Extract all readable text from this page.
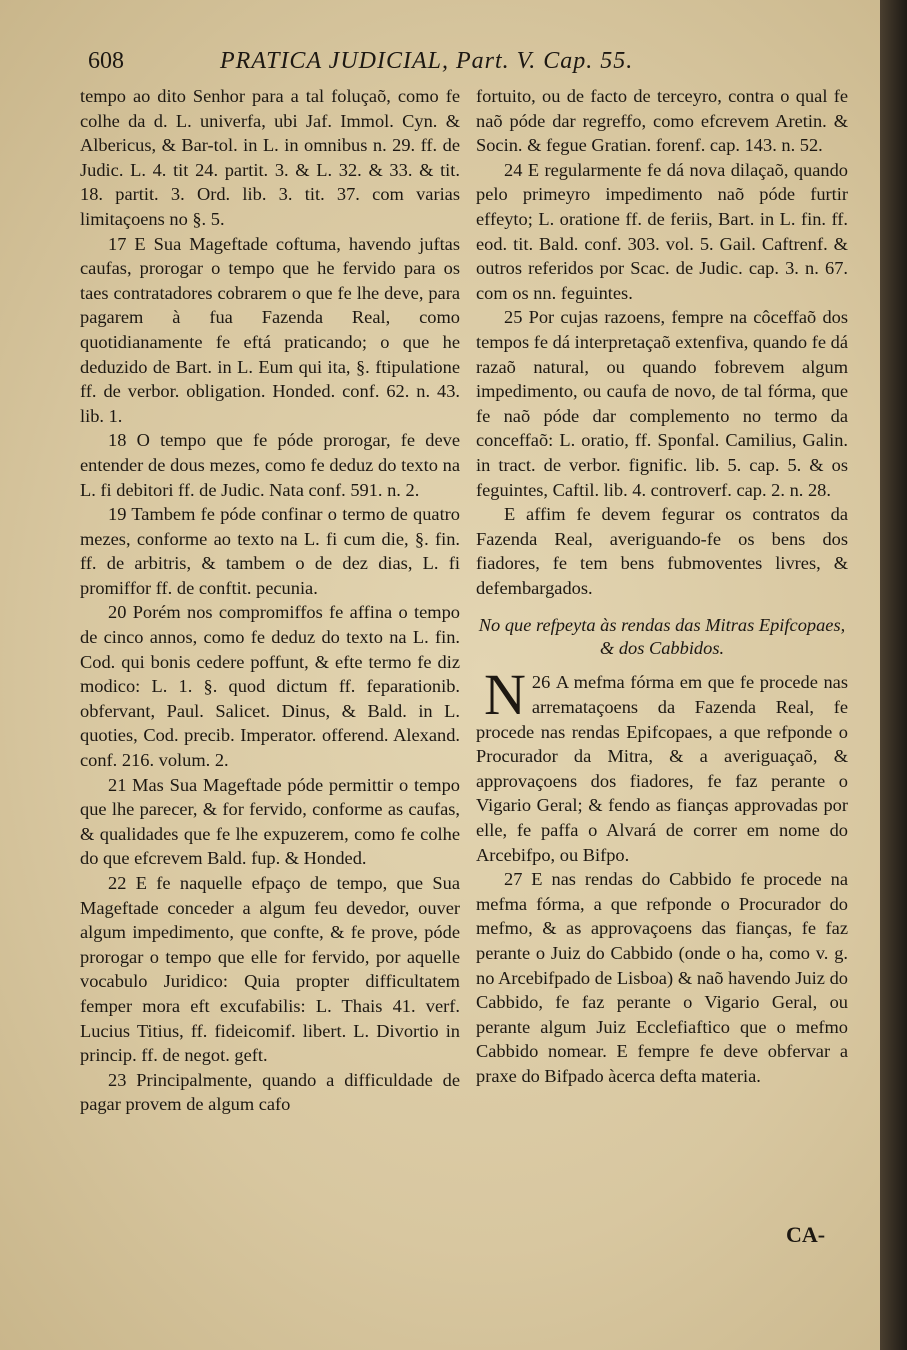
608	PRATICA JUDICIAL, Part. V. Cap. 55.

tempo ao dito Senhor para a tal foluçaõ, como fe colhe da d. L. univerfa, ubi Jaf. Immol. Cyn. & Albericus, & Bar-tol. in L. in omnibus n. 29. ff. de Judic. L. 4. tit 24. partit. 3. & L. 32. & 33. & tit. 18. partit. 3. Ord. lib. 3. tit. 37. com varias limitaçoens no §. 5.

17 E Sua Mageftade coftuma, havendo juftas caufas, prorogar o tempo que he fervido para os taes contratadores cobrarem o que fe lhe deve, para pagarem à fua Fazenda Real, como quotidianamente fe eftá praticando; o que he deduzido de Bart. in L. Eum qui ita, §. ftipulatione ff. de verbor. obligation. Honded. conf. 62. n. 43. lib. 1.

18 O tempo que fe póde prorogar, fe deve entender de dous mezes, como fe deduz do texto na L. fi debitori ff. de Judic. Nata conf. 591. n. 2.

19 Tambem fe póde confinar o termo de quatro mezes, conforme ao texto na L. fi cum die, §. fin. ff. de arbitris, & tambem o de dez dias, L. fi promiffor ff. de conftit. pecunia.

20 Porém nos compromiffos fe affina o tempo de cinco annos, como fe deduz do texto na L. fin. Cod. qui bonis cedere poffunt, & efte termo fe diz modico: L. 1. §. quod dictum ff. feparationib. obfervant, Paul. Salicet. Dinus, & Bald. in L. quoties, Cod. precib. Imperator. offerend. Alexand. conf. 216. volum. 2.

21 Mas Sua Mageftade póde permittir o tempo que lhe parecer, & for fervido, conforme as caufas, & qualidades que fe lhe expuzerem, como fe colhe do que efcrevem Bald. fup. & Honded.

22 E fe naquelle efpaço de tempo, que Sua Mageftade conceder a algum feu devedor, ouver algum impedimento, que confte, & fe prove, póde prorogar o tempo que elle for fervido, por aquelle vocabulo Juridico: Quia propter difficultatem femper mora eft excufabilis: L. Thais 41. verf. Lucius Titius, ff. fideicomif. libert. L. Divortio in princip. ff. de negot. geft.

23 Principalmente, quando a difficuldade de pagar provem de algum cafo

fortuito, ou de facto de terceyro, contra o qual fe naõ póde dar regreffo, como efcrevem Aretin. & Socin. & fegue Gratian. forenf. cap. 143. n. 52.

24 E regularmente fe dá nova dilaçaõ, quando pelo primeyro impedimento naõ póde furtir effeyto; L. oratione ff. de feriis, Bart. in L. fin. ff. eod. tit. Bald. conf. 303. vol. 5. Gail. Caftrenf. & outros referidos por Scac. de Judic. cap. 3. n. 67. com os nn. feguintes.

25 Por cujas razoens, fempre na côceffaõ dos tempos fe dá interpretaçaõ extenfiva, quando fe dá razaõ natural, ou quando fobrevem algum impedimento, ou caufa de novo, de tal fórma, que fe naõ póde dar complemento no termo da conceffaõ: L. oratio, ff. Sponfal. Camilius, Galin. in tract. de verbor. fignific. lib. 5. cap. 5. & os feguintes, Caftil. lib. 4. controverf. cap. 2. n. 28.

E affim fe devem fegurar os contratos da Fazenda Real, averiguando-fe os bens dos fiadores, fe tem bens fubmoventes livres, & defembargados.

No que refpeyta às rendas das Mitras Epifcopaes, & dos Cabbidos.

26
N A mefma fórma em que fe procede nas arremataçoens da Fazenda Real, fe procede nas rendas Epifcopaes, a que refponde o Procurador da Mitra, & a averiguaçaõ, & approvaçoens dos fiadores, fe faz perante o Vigario Geral; & fendo as fianças approvadas por elle, fe paffa o Alvará de correr em nome do Arcebifpo, ou Bifpo.

27 E nas rendas do Cabbido fe procede na mefma fórma, a que refponde o Procurador do mefmo, & as approvaçoens das fianças, fe faz perante o Juiz do Cabbido (onde o ha, como v. g. no Arcebifpado de Lisboa) & naõ havendo Juiz do Cabbido, fe faz perante o Vigario Geral, ou perante algum Juiz Ecclefiaftico que o mefmo Cabbido nomear. E fempre fe deve obfervar a praxe do Bifpado àcerca defta materia.

CA-
